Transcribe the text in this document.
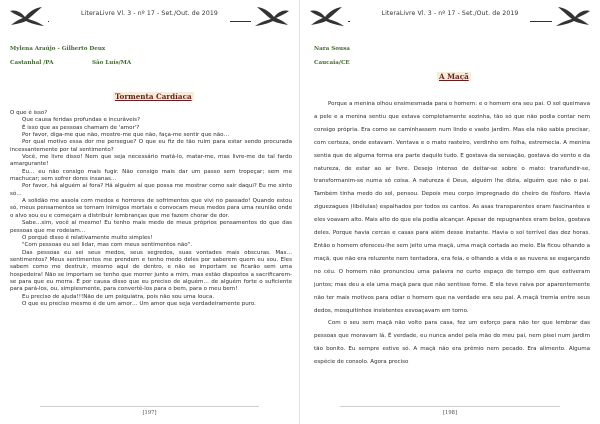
LiteraLivre Vl. 3 - nº 17 - Set./Out. de 2019
Mylena Araújo - Gilberto Deux
Castanhal /PA	São Luís/MA
Tormenta Cardíaca

O que é isso?

Que causa feridas profundas e incuráveis?

É isso que as pessoas chamam de 'amor'?

Por favor, diga-me que não, mostre-me que não, faça-me sentir que não…

Por qual motivo essa dor me persegue? O que eu fiz de tão ruim para estar sendo procurada incessantemente por tal sentimento?

Você, me livre disso! Nem que seja necessário matá-lo, matar-me, mas livre-me de tal fardo amargurante!

Eu… eu não consigo mais fugir. Não consigo mais dar um passo sem tropeçar; sem me machucar; sem sofrer dores insanas…

Por favor, há alguém aí fora? Há alguém aí que possa me mostrar como sair daqui? Eu me sinto só…

A solidão me assola com medos e horrores de sofrimentos que vivi no passado! Quando estou só, meus pensamentos se tornam inimigos mortais e convocam meus medos para uma reunião onde o alvo sou eu e começam a distribuir lembranças que me fazem chorar de dor.

Sabe…sim, você aí mesmo! Eu tenho mais medo de meus próprios pensamentos do que das pessoas que me rodeiam…

O porquê disso é relativamente muito simples!

"Com pessoas eu sei lidar, mas com meus sentimentos não".

Das pessoas eu sei seus medos, seus segredos, suas vontades mais obscuras. Mas… sentimentos? Meus sentimentos me prendem e tenho medo deles por saberem quem eu sou. Eles sabem como me destruir, mesmo aqui de dentro, e não se importam se ficarão sem uma hospedeira! Não se importam se tenho que morrer junto a mim, mas estão dispostos a sacrificarem-se para que eu morra. É por causa disso que eu preciso de alguém… de alguém forte o suficiente para pará-los, ou, simplesmente, para convertê-los para o bem, para o meu bem!

Eu preciso de ajuda!!!Não de um psiquiatra, pois não sou uma louca.

O que eu preciso mesmo é de um amor… Um amor que seja verdadeiramente puro.

[197]
LiteraLivre Vl. 3 - nº 17 - Set./Out. de 2019
Nara Sousa
Caucaia/CE
A Maçã

Porque a menina olhou ensimesmada para o homem: e o homem era seu pai. O sol queimava a pele e a menina sentiu que estava completamente sozinha, tão só que não podia contar nem consigo própria. Era como se caminhassem num lindo e vasto jardim. Mas ela não sabia precisar, com certeza, onde estavam. Ventava e o mato rasteiro, verdinho em folha, estremecia. A menina sentia que de alguma forma era parte daquilo tudo. E gostava da sensação, gostava do vento e da natureza, de estar ao ar livre. Desejo intenso de deitar-se sobre o mato: transfundir-se, transformanim-se numa só coisa. A natureza é Deus, alguém lhe dizia, alguém que não o pai. Também tinha medo do sol, pensou. Depois meu corpo impregnado do cheiro de fósforo. Havia ziguezagues (libélulas) espalhados por todos os cantos. As asas transparentes eram fascinantes e eles voavam alto. Mais alto do que ela podia alcançar. Apesar de repugnantes eram belos, gostava deles. Porque havia cercas e casas para além desse instante. Havia o sol terrível das dez horas. Então o homem ofereceu-lhe sem jeito uma maçã, uma maçã cortada ao meio. Ela ficou olhando a maçã, que não era reluzente nem tentadora, era feia, e olhando a vida e as nuvens se esgarçando no céu. O homem não pronunciou uma palavra no curto espaço de tempo em que estiveram juntos; mas deu a ela uma maçã para que não sentisse fome. E ela teve raiva por aparentemente não ter mais motivos para odiar o homem que na verdade era seu pai. A maçã tremia entre seus dedos, mosquitinhos insistentes esvoaçavam em torno.

Com o seu sem maçã não volto para casa, fez um esforço para não ter que lembrar das pessoas que moravam lá. É verdade, eu nunca andei pela mão do meu pai, nem pisei num jardim tão bonito. Eu sempre estive só. A maçã não era prêmio nem pecado. Era alimento. Alguma espécie de consolo. Agora preciso

[198]
